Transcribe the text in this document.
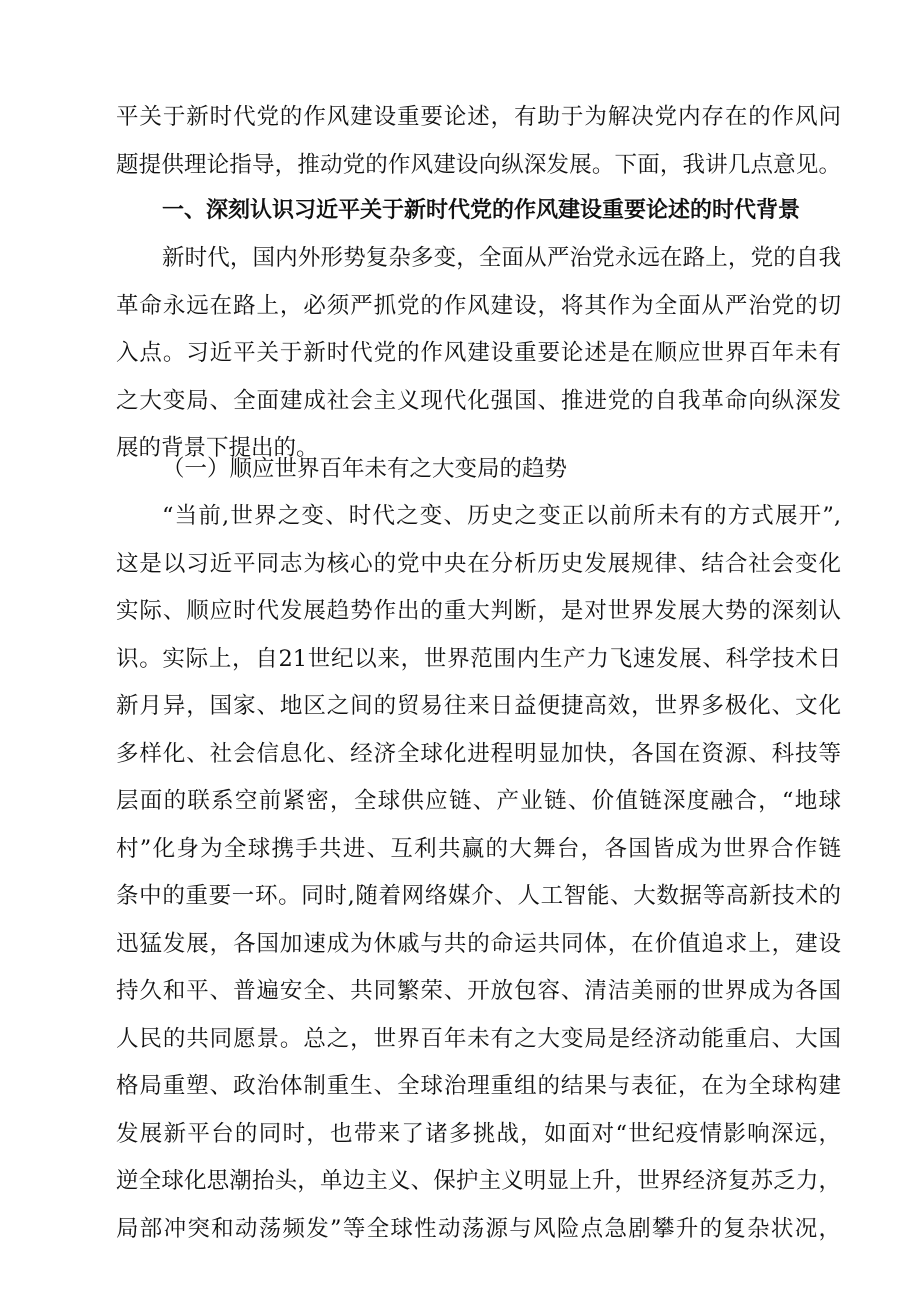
平关于新时代党的作风建设重要论述，有助于为解决党内存在的作风问
题提供理论指导，推动党的作风建设向纵深发展。下面，我讲几点意见。
一、深刻认识习近平关于新时代党的作风建设重要论述的时代背景
新时代，国内外形势复杂多变，全面从严治党永远在路上，党的自我
革命永远在路上，必须严抓党的作风建设，将其作为全面从严治党的切
入点。习近平关于新时代党的作风建设重要论述是在顺应世界百年未有
之大变局、全面建成社会主义现代化强国、推进党的自我革命向纵深发
展的背景下提出的。
（一）顺应世界百年未有之大变局的趋势
“当前,世界之变、时代之变、历史之变正以前所未有的方式展开”,
这是以习近平同志为核心的党中央在分析历史发展规律、结合社会变化
实际、顺应时代发展趋势作出的重大判断，是对世界发展大势的深刻认
识。实际上，自21世纪以来，世界范围内生产力飞速发展、科学技术日
新月异，国家、地区之间的贸易往来日益便捷高效，世界多极化、文化
多样化、社会信息化、经济全球化进程明显加快，各国在资源、科技等
层面的联系空前紧密，全球供应链、产业链、价值链深度融合，“地球
村”化身为全球携手共进、互利共赢的大舞台，各国皆成为世界合作链
条中的重要一环。同时,随着网络媒介、人工智能、大数据等高新技术的
迅猛发展，各国加速成为休戚与共的命运共同体，在价值追求上，建设
持久和平、普遍安全、共同繁荣、开放包容、清洁美丽的世界成为各国
人民的共同愿景。总之，世界百年未有之大变局是经济动能重启、大国
格局重塑、政治体制重生、全球治理重组的结果与表征，在为全球构建
发展新平台的同时，也带来了诸多挑战，如面对“世纪疫情影响深远，
逆全球化思潮抬头，单边主义、保护主义明显上升，世界经济复苏乏力，
局部冲突和动荡频发”等全球性动荡源与风险点急剧攀升的复杂状况，
